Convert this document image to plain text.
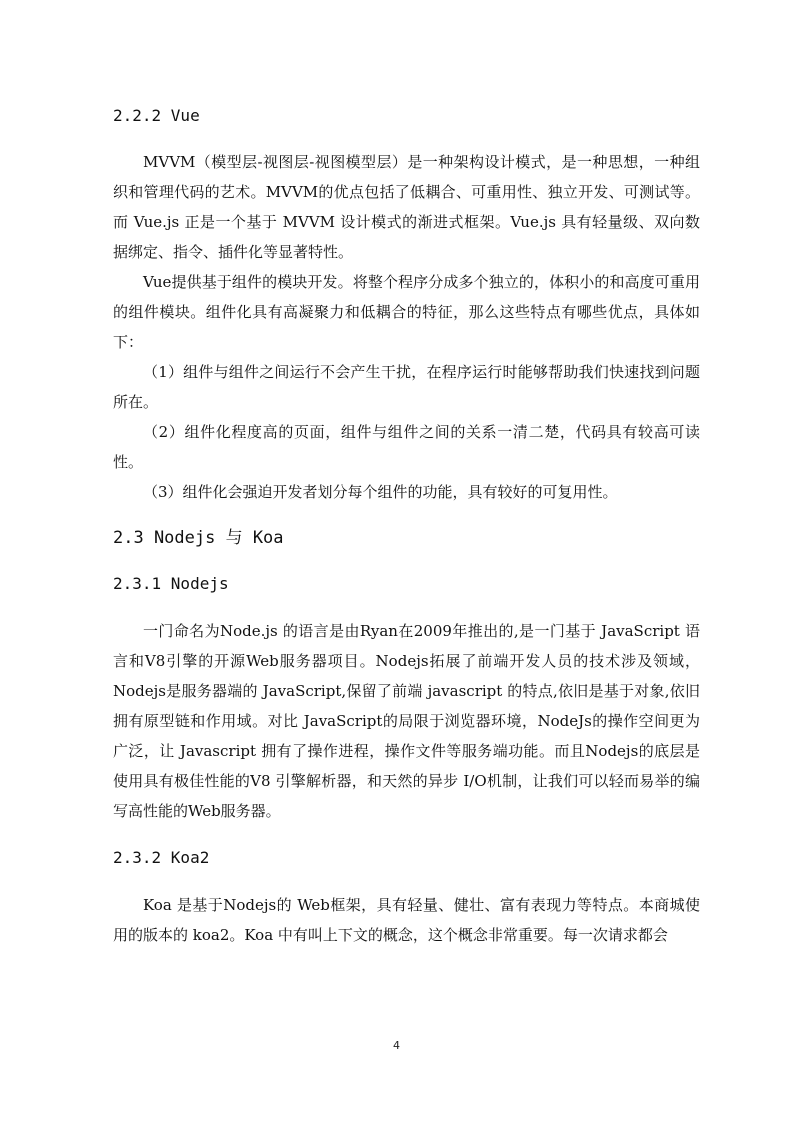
2.2.2 Vue

MVVM（模型层-视图层-视图模型层）是一种架构设计模式，是一种思想，一种组织和管理代码的艺术。MVVM的优点包括了低耦合、可重用性、独立开发、可测试等。而 Vue.js 正是一个基于 MVVM 设计模式的渐进式框架。Vue.js 具有轻量级、双向数据绑定、指令、插件化等显著特性。

Vue提供基于组件的模块开发。将整个程序分成多个独立的，体积小的和高度可重用的组件模块。组件化具有高凝聚力和低耦合的特征，那么这些特点有哪些优点，具体如下：

（1）组件与组件之间运行不会产生干扰，在程序运行时能够帮助我们快速找到问题所在。

（2）组件化程度高的页面，组件与组件之间的关系一清二楚，代码具有较高可读性。

（3）组件化会强迫开发者划分每个组件的功能，具有较好的可复用性。

2.3 Nodejs 与 Koa
2.3.1 Nodejs

一门命名为Node.js 的语言是由Ryan在2009年推出的,是一门基于 JavaScript 语言和V8引擎的开源Web服务器项目。Nodejs拓展了前端开发人员的技术涉及领域，Nodejs是服务器端的 JavaScript,保留了前端 javascript 的特点,依旧是基于对象,依旧拥有原型链和作用域。对比 JavaScript的局限于浏览器环境，NodeJs的操作空间更为广泛，让 Javascript 拥有了操作进程，操作文件等服务端功能。而且Nodejs的底层是使用具有极佳性能的V8 引擎解析器，和天然的异步 I/O机制，让我们可以轻而易举的编写高性能的Web服务器。

2.3.2 Koa2

Koa 是基于Nodejs的 Web框架，具有轻量、健壮、富有表现力等特点。本商城使用的版本的 koa2。Koa 中有叫上下文的概念，这个概念非常重要。每一次请求都会

4
